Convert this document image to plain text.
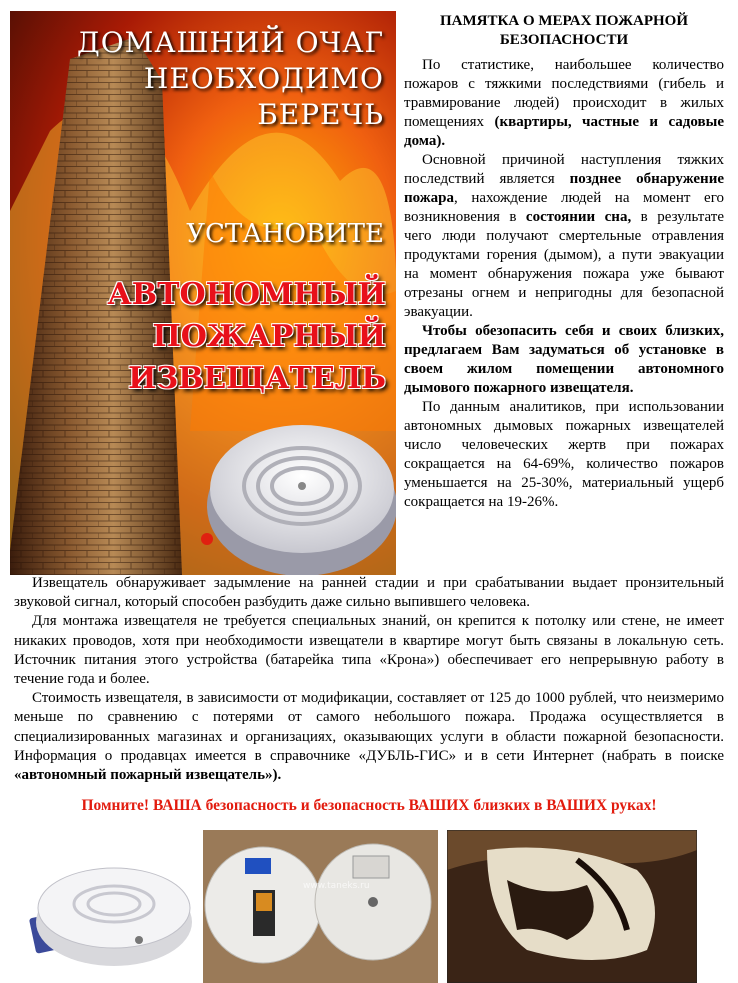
ДОМАШНИЙ ОЧАГ
НЕОБХОДИМО
БЕРЕЧЬ
УСТАНОВИТЕ
АВТОНОМНЫЙ
ПОЖАРНЫЙ
ИЗВЕЩАТЕЛЬ
ПАМЯТКА О МЕРАХ ПОЖАРНОЙ БЕЗОПАСНОСТИ

По статистике, наибольшее количество пожаров с тяжкими последствиями (гибель и травмирование людей) происходит в жилых помещениях (квартиры, частные и садовые дома).

Основной причиной наступления тяжких последствий является позднее обнаружение пожара, нахождение людей на момент его возникновения в состоянии сна, в результате чего люди получают смертельные отравления продуктами горения (дымом), а пути эвакуации на момент обнаружения пожара уже бывают отрезаны огнем и непригодны для безопасной эвакуации.

Чтобы обезопасить себя и своих близких, предлагаем Вам задуматься об установке в своем жилом помещении автономного дымового пожарного извещателя.

По данным аналитиков, при использовании автономных дымовых пожарных извещателей число человеческих жертв при пожарах сокращается на 64-69%, количество пожаров уменьшается на 25-30%, материальный ущерб сокращается на 19-26%.

Извещатель обнаруживает задымление на ранней стадии и при срабатывании выдает пронзительный звуковой сигнал, который способен разбудить даже сильно выпившего человека.

Для монтажа извещателя не требуется специальных знаний, он крепится к потолку или стене, не имеет никаких проводов, хотя при необходимости извещатели в квартире могут быть связаны в локальную сеть. Источник питания этого устройства (батарейка типа «Крона») обеспечивает его непрерывную работу в течение года и более.

Стоимость извещателя, в зависимости от модификации, составляет от 125 до 1000 рублей, что неизмеримо меньше по сравнению с потерями от самого небольшого пожара. Продажа осуществляется в специализированных магазинах и организациях, оказывающих услуги в области пожарной безопасности. Информация о продавцах имеется в справочнике «ДУБЛЬ-ГИС» и в сети Интернет (набрать в поиске «автономный пожарный извещатель»).

Помните! ВАША безопасность и безопасность ВАШИХ близких в ВАШИХ руках!
www.taneks.ru
